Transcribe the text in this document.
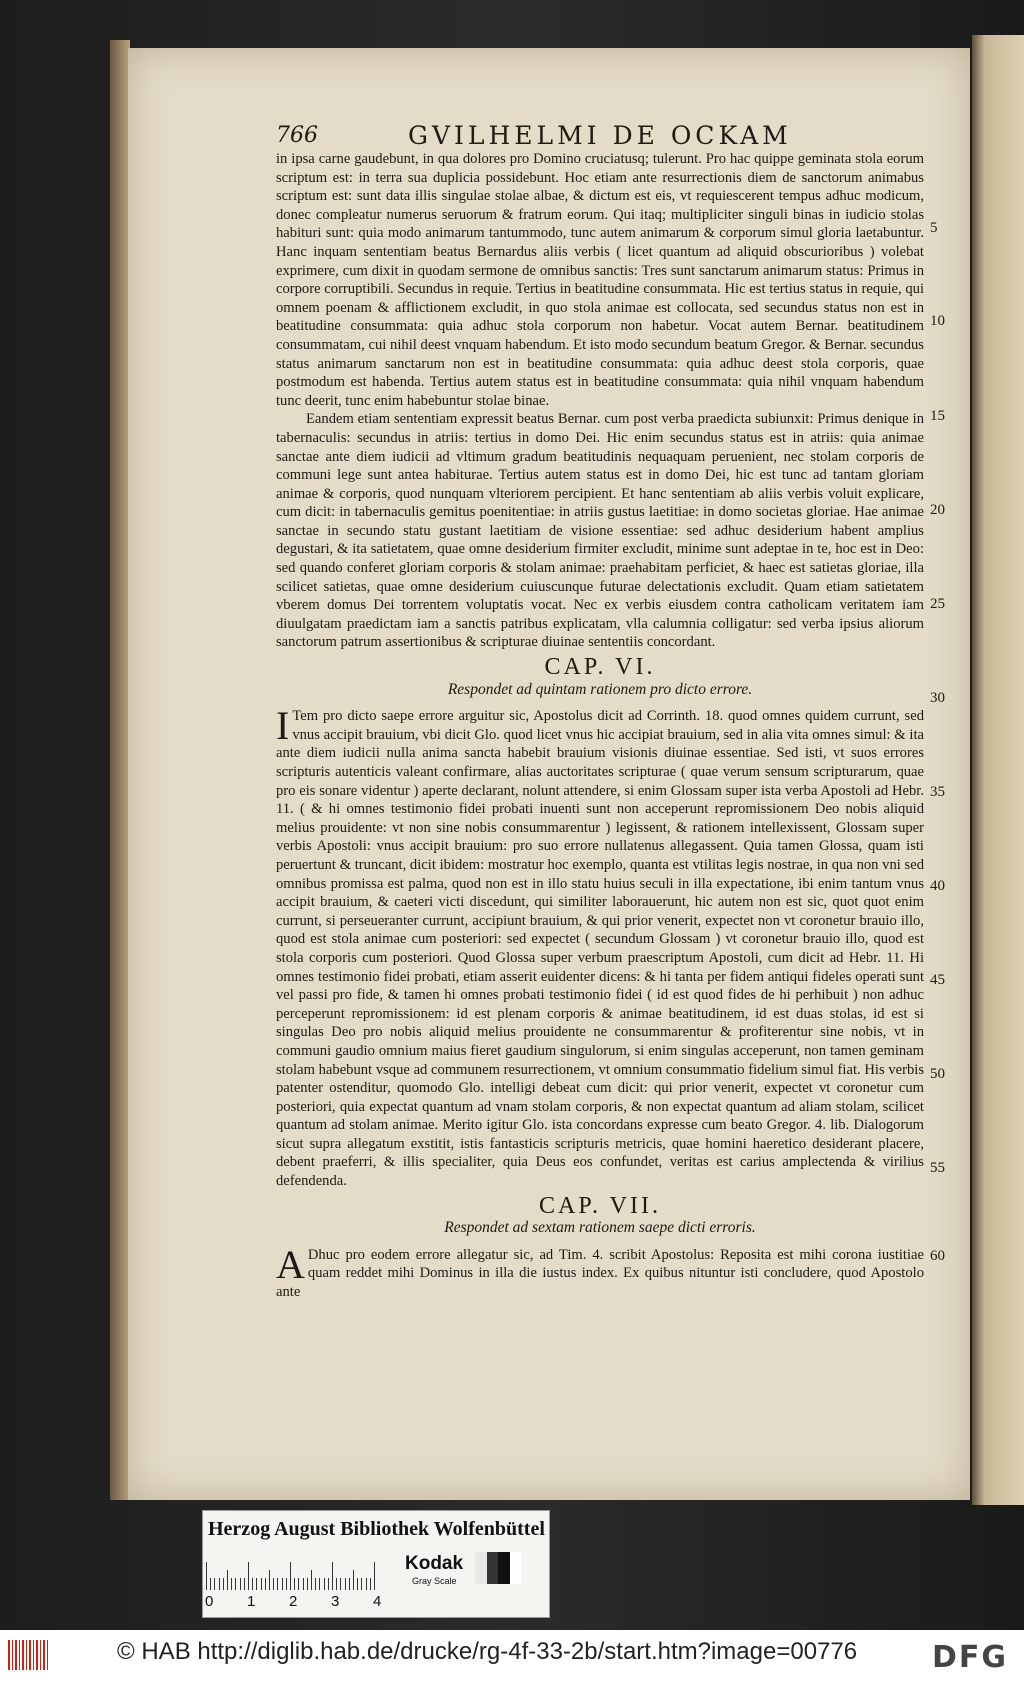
766	GVILHELMI DE OCKAM

in ipsa carne gaudebunt, in qua dolores pro Domino cruciatusq; tulerunt. Pro hac quippe geminata stola eorum scriptum est: in terra sua duplicia possidebunt. Hoc etiam ante resurrectionis diem de sanctorum animabus scriptum est: sunt data illis singulae stolae albae, & dictum est eis, vt requiescerent tempus adhuc modicum, donec compleatur numerus seruorum & fratrum eorum. Qui itaq; multipliciter singuli binas in iudicio stolas habituri sunt: quia modo animarum tantummodo, tunc autem animarum & corporum simul gloria laetabuntur. Hanc inquam sententiam beatus Bernardus aliis verbis ( licet quantum ad aliquid obscurioribus ) volebat exprimere, cum dixit in quodam sermone de omnibus sanctis: Tres sunt sanctarum animarum status: Primus in corpore corruptibili. Secundus in requie. Tertius in beatitudine consummata. Hic est tertius status in requie, qui omnem poenam & afflictionem excludit, in quo stola animae est collocata, sed secundus status non est in beatitudine consummata: quia adhuc stola corporum non habetur. Vocat autem Bernar. beatitudinem consummatam, cui nihil deest vnquam habendum. Et isto modo secundum beatum Gregor. & Bernar. secundus status animarum sanctarum non est in beatitudine consummata: quia adhuc deest stola corporis, quae postmodum est habenda. Tertius autem status est in beatitudine consummata: quia nihil vnquam habendum tunc deerit, tunc enim habebuntur stolae binae.

Eandem etiam sententiam expressit beatus Bernar. cum post verba praedicta subiunxit: Primus denique in tabernaculis: secundus in atriis: tertius in domo Dei. Hic enim secundus status est in atriis: quia animae sanctae ante diem iudicii ad vltimum gradum beatitudinis nequaquam peruenient, nec stolam corporis de communi lege sunt antea habiturae. Tertius autem status est in domo Dei, hic est tunc ad tantam gloriam animae & corporis, quod nunquam vlteriorem percipient. Et hanc sententiam ab aliis verbis voluit explicare, cum dicit: in tabernaculis gemitus poenitentiae: in atriis gustus laetitiae: in domo societas gloriae. Hae animae sanctae in secundo statu gustant laetitiam de visione essentiae: sed adhuc desiderium habent amplius degustari, & ita satietatem, quae omne desiderium firmiter excludit, minime sunt adeptae in te, hoc est in Deo: sed quando conferet gloriam corporis & stolam animae: praehabitam perficiet, & haec est satietas gloriae, illa scilicet satietas, quae omne desiderium cuiuscunque futurae delectationis excludit. Quam etiam satietatem vberem domus Dei torrentem voluptatis vocat. Nec ex verbis eiusdem contra catholicam veritatem iam diuulgatam praedictam iam a sanctis patribus explicatam, vlla calumnia colligatur: sed verba ipsius aliorum sanctorum patrum assertionibus & scripturae diuinae sententiis concordant.

CAP. VI.
Respondet ad quintam rationem pro dicto errore.

I Tem pro dicto saepe errore arguitur sic, Apostolus dicit ad Corrinth. 18. quod omnes quidem currunt, sed vnus accipit brauium, vbi dicit Glo. quod licet vnus hic accipiat brauium, sed in alia vita omnes simul: & ita ante diem iudicii nulla anima sancta habebit brauium visionis diuinae essentiae. Sed isti, vt suos errores scripturis autenticis valeant confirmare, alias auctoritates scripturae ( quae verum sensum scripturarum, quae pro eis sonare videntur ) aperte declarant, nolunt attendere, si enim Glossam super ista verba Apostoli ad Hebr. 11. ( & hi omnes testimonio fidei probati inuenti sunt non acceperunt repromissionem Deo nobis aliquid melius prouidente: vt non sine nobis consummarentur ) legissent, & rationem intellexissent, Glossam super verbis Apostoli: vnus accipit brauium: pro suo errore nullatenus allegassent. Quia tamen Glossa, quam isti peruertunt & truncant, dicit ibidem: mostratur hoc exemplo, quanta est vtilitas legis nostrae, in qua non vni sed omnibus promissa est palma, quod non est in illo statu huius seculi in illa expectatione, ibi enim tantum vnus accipit brauium, & caeteri victi discedunt, qui similiter laborauerunt, hic autem non est sic, quot quot enim currunt, si perseueranter currunt, accipiunt brauium, & qui prior venerit, expectet non vt coronetur brauio illo, quod est stola animae cum posteriori: sed expectet ( secundum Glossam ) vt coronetur brauio illo, quod est stola corporis cum posteriori. Quod Glossa super verbum praescriptum Apostoli, cum dicit ad Hebr. 11. Hi omnes testimonio fidei probati, etiam asserit euidenter dicens: & hi tanta per fidem antiqui fideles operati sunt vel passi pro fide, & tamen hi omnes probati testimonio fidei ( id est quod fides de hi perhibuit ) non adhuc perceperunt repromissionem: id est plenam corporis & animae beatitudinem, id est duas stolas, id est si singulas Deo pro nobis aliquid melius prouidente ne consummarentur & profiterentur sine nobis, vt in communi gaudio omnium maius fieret gaudium singulorum, si enim singulas acceperunt, non tamen geminam stolam habebunt vsque ad communem resurrectionem, vt omnium consummatio fidelium simul fiat. His verbis patenter ostenditur, quomodo Glo. intelligi debeat cum dicit: qui prior venerit, expectet vt coronetur cum posteriori, quia expectat quantum ad vnam stolam corporis, & non expectat quantum ad aliam stolam, scilicet quantum ad stolam animae. Merito igitur Glo. ista concordans expresse cum beato Gregor. 4. lib. Dialogorum sicut supra allegatum exstitit, istis fantasticis scripturis metricis, quae homini haeretico desiderant placere, debent praeferri, & illis specialiter, quia Deus eos confundet, veritas est carius amplectenda & virilius defendenda.

CAP. VII.
Respondet ad sextam rationem saepe dicti erroris.

A Dhuc pro eodem errore allegatur sic, ad Tim. 4. scribit Apostolus: Reposita est mihi corona iustitiae quam reddet mihi Dominus in illa die iustus index. Ex quibus nituntur isti concludere, quod Apostolo ante

5
10
15
20
25
30
35
40
45
50
55
60
Herzog August Bibliothek Wolfenbüttel
0 1 2 3 4
Kodak
Gray Scale
© HAB http://diglib.hab.de/drucke/rg-4f-33-2b/start.htm?image=00776 DFG
